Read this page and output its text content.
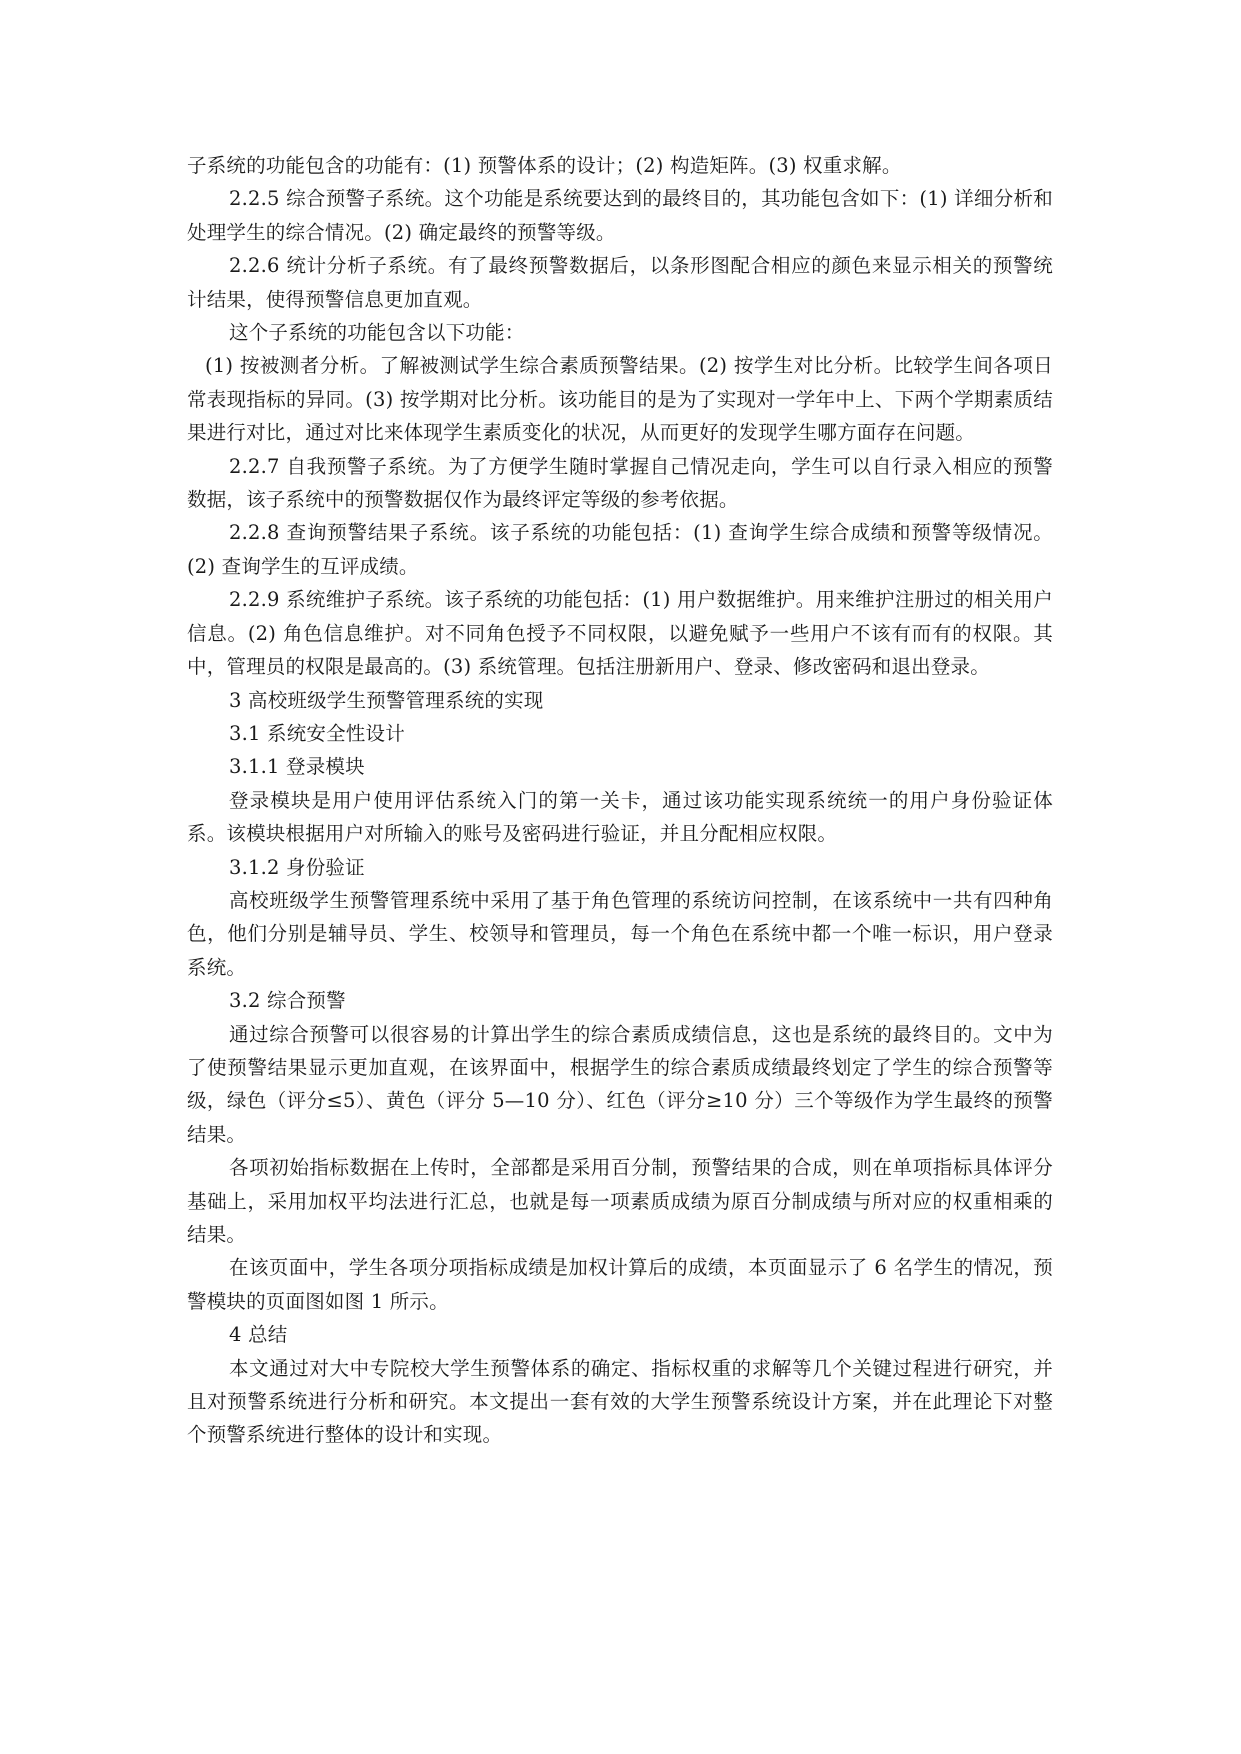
子系统的功能包含的功能有：(1) 预警体系的设计；(2) 构造矩阵。(3) 权重求解。

2.2.5 综合预警子系统。这个功能是系统要达到的最终目的，其功能包含如下：(1) 详细分析和处理学生的综合情况。(2) 确定最终的预警等级。

2.2.6 统计分析子系统。有了最终预警数据后，以条形图配合相应的颜色来显示相关的预警统计结果，使得预警信息更加直观。

这个子系统的功能包含以下功能：

(1) 按被测者分析。了解被测试学生综合素质预警结果。(2) 按学生对比分析。比较学生间各项日常表现指标的异同。(3) 按学期对比分析。该功能目的是为了实现对一学年中上、下两个学期素质结果进行对比，通过对比来体现学生素质变化的状况，从而更好的发现学生哪方面存在问题。

2.2.7 自我预警子系统。为了方便学生随时掌握自己情况走向，学生可以自行录入相应的预警数据，该子系统中的预警数据仅作为最终评定等级的参考依据。

2.2.8 查询预警结果子系统。该子系统的功能包括：(1) 查询学生综合成绩和预警等级情况。(2) 查询学生的互评成绩。

2.2.9 系统维护子系统。该子系统的功能包括：(1) 用户数据维护。用来维护注册过的相关用户信息。(2) 角色信息维护。对不同角色授予不同权限，以避免赋予一些用户不该有而有的权限。其中，管理员的权限是最高的。(3) 系统管理。包括注册新用户、登录、修改密码和退出登录。

3 高校班级学生预警管理系统的实现

3.1 系统安全性设计

3.1.1 登录模块

登录模块是用户使用评估系统入门的第一关卡，通过该功能实现系统统一的用户身份验证体系。该模块根据用户对所输入的账号及密码进行验证，并且分配相应权限。

3.1.2 身份验证

高校班级学生预警管理系统中采用了基于角色管理的系统访问控制，在该系统中一共有四种角色，他们分别是辅导员、学生、校领导和管理员，每一个角色在系统中都一个唯一标识，用户登录系统。

3.2 综合预警

通过综合预警可以很容易的计算出学生的综合素质成绩信息，这也是系统的最终目的。文中为了使预警结果显示更加直观，在该界面中，根据学生的综合素质成绩最终划定了学生的综合预警等级，绿色（评分≤5）、黄色（评分 5—10 分）、红色（评分≥10 分）三个等级作为学生最终的预警结果。

各项初始指标数据在上传时，全部都是采用百分制，预警结果的合成，则在单项指标具体评分基础上，采用加权平均法进行汇总，也就是每一项素质成绩为原百分制成绩与所对应的权重相乘的结果。

在该页面中，学生各项分项指标成绩是加权计算后的成绩，本页面显示了 6 名学生的情况，预警模块的页面图如图 1 所示。

4 总结

本文通过对大中专院校大学生预警体系的确定、指标权重的求解等几个关键过程进行研究，并且对预警系统进行分析和研究。本文提出一套有效的大学生预警系统设计方案，并在此理论下对整个预警系统进行整体的设计和实现。
